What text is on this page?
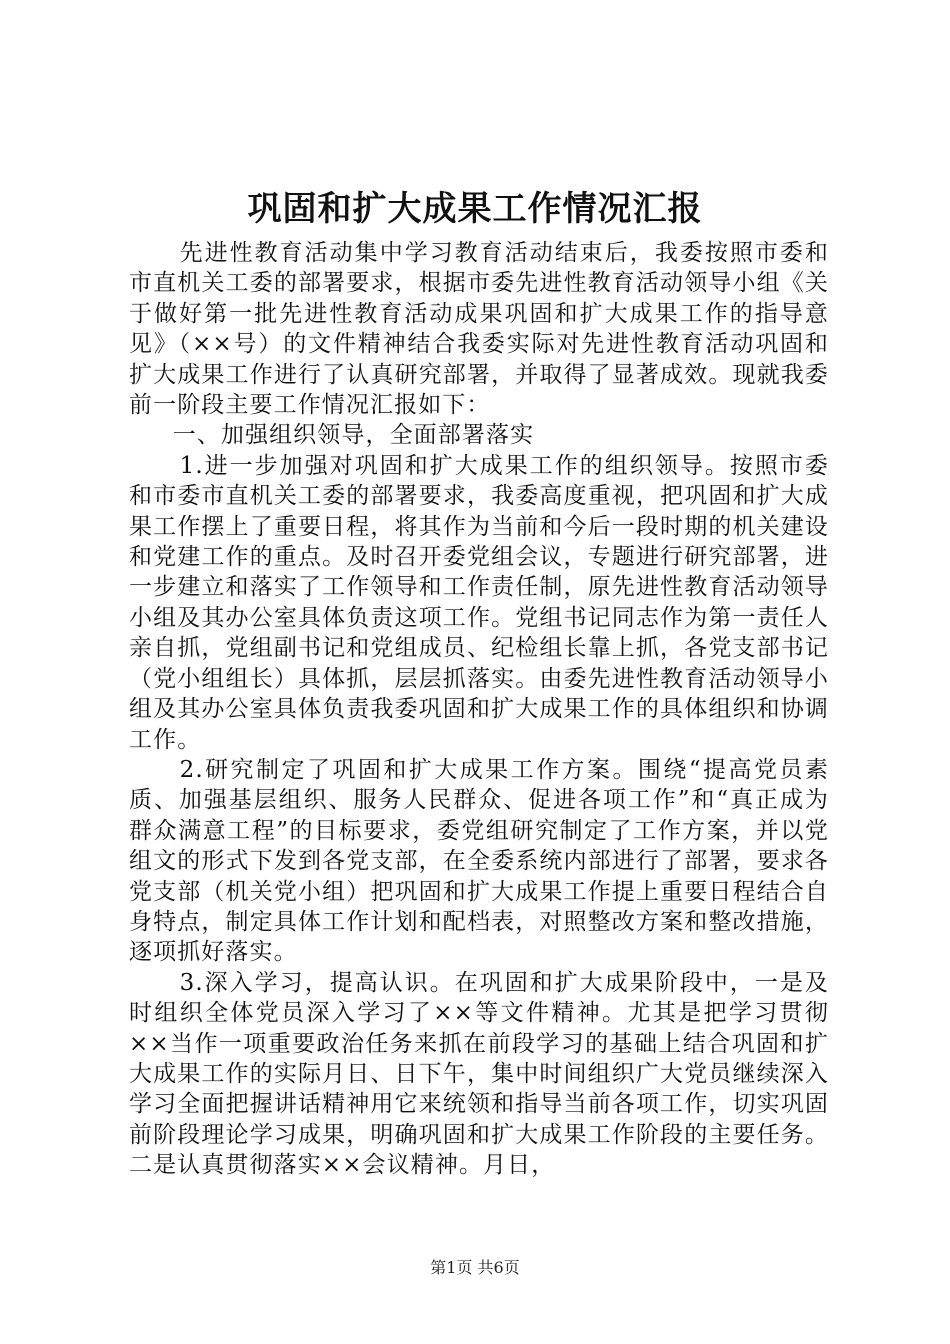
巩固和扩大成果工作情况汇报

先进性教育活动集中学习教育活动结束后，我委按照市委和市直机关工委的部署要求，根据市委先进性教育活动领导小组《关于做好第一批先进性教育活动成果巩固和扩大成果工作的指导意见》（××号）的文件精神结合我委实际对先进性教育活动巩固和扩大成果工作进行了认真研究部署，并取得了显著成效。现就我委前一阶段主要工作情况汇报如下：

一、加强组织领导，全面部署落实

1.进一步加强对巩固和扩大成果工作的组织领导。按照市委和市委市直机关工委的部署要求，我委高度重视，把巩固和扩大成果工作摆上了重要日程，将其作为当前和今后一段时期的机关建设和党建工作的重点。及时召开委党组会议，专题进行研究部署，进一步建立和落实了工作领导和工作责任制，原先进性教育活动领导小组及其办公室具体负责这项工作。党组书记同志作为第一责任人亲自抓，党组副书记和党组成员、纪检组长靠上抓，各党支部书记（党小组组长）具体抓，层层抓落实。由委先进性教育活动领导小组及其办公室具体负责我委巩固和扩大成果工作的具体组织和协调工作。

2.研究制定了巩固和扩大成果工作方案。围绕“提高党员素质、加强基层组织、服务人民群众、促进各项工作”和“真正成为群众满意工程”的目标要求，委党组研究制定了工作方案，并以党组文的形式下发到各党支部，在全委系统内部进行了部署，要求各党支部（机关党小组）把巩固和扩大成果工作提上重要日程结合自身特点，制定具体工作计划和配档表，对照整改方案和整改措施，逐项抓好落实。

3.深入学习，提高认识。在巩固和扩大成果阶段中，一是及时组织全体党员深入学习了××等文件精神。尤其是把学习贯彻××当作一项重要政治任务来抓在前段学习的基础上结合巩固和扩大成果工作的实际月日、日下午，集中时间组织广大党员继续深入学习全面把握讲话精神用它来统领和指导当前各项工作，切实巩固前阶段理论学习成果，明确巩固和扩大成果工作阶段的主要任务。二是认真贯彻落实××会议精神。月日，

第1页 共6页
